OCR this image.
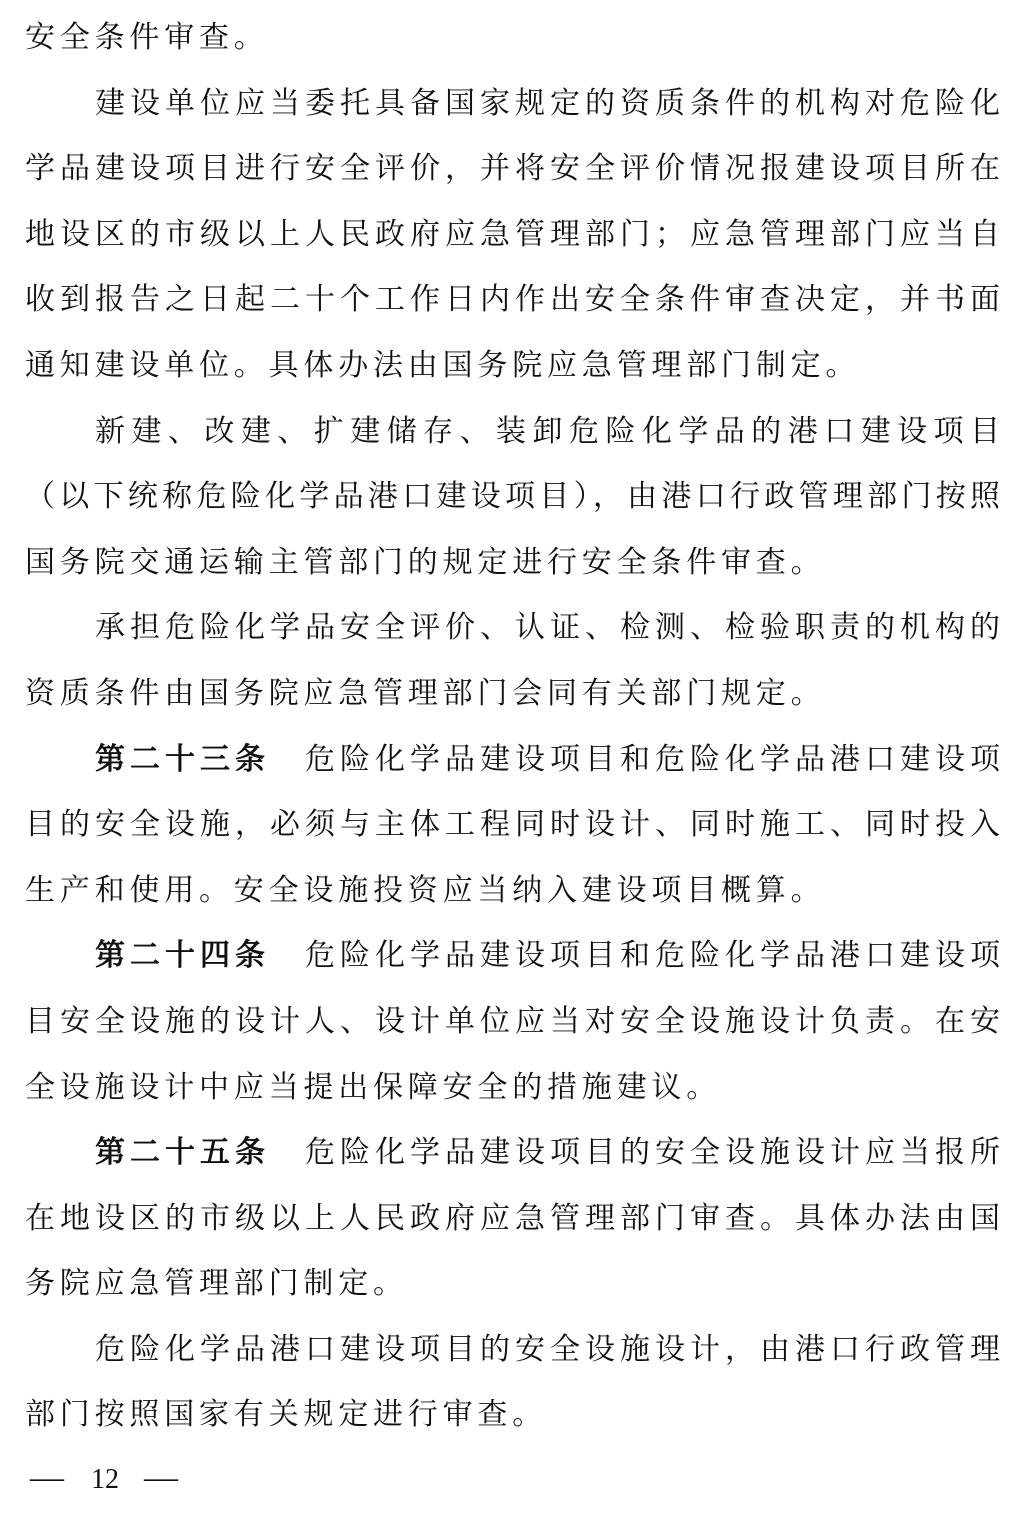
安全条件审查。
建设单位应当委托具备国家规定的资质条件的机构对危险化
学品建设项目进行安全评价，并将安全评价情况报建设项目所在
地设区的市级以上人民政府应急管理部门；应急管理部门应当自
收到报告之日起二十个工作日内作出安全条件审查决定，并书面
通知建设单位。具体办法由国务院应急管理部门制定。
新建、改建、扩建储存、装卸危险化学品的港口建设项目
（以下统称危险化学品港口建设项目），由港口行政管理部门按照
国务院交通运输主管部门的规定进行安全条件审查。
承担危险化学品安全评价、认证、检测、检验职责的机构的
资质条件由国务院应急管理部门会同有关部门规定。
第二十三条　 危险化学品建设项目和危险化学品港口建设项
目的安全设施，必须与主体工程同时设计、同时施工、同时投入
生产和使用。安全设施投资应当纳入建设项目概算。
第二十四条　 危险化学品建设项目和危险化学品港口建设项
目安全设施的设计人、设计单位应当对安全设施设计负责。在安
全设施设计中应当提出保障安全的措施建议。
第二十五条　 危险化学品建设项目的安全设施设计应当报所
在地设区的市级以上人民政府应急管理部门审查。具体办法由国
务院应急管理部门制定。
危险化学品港口建设项目的安全设施设计，由港口行政管理
部门按照国家有关规定进行审查。
— 12 —
